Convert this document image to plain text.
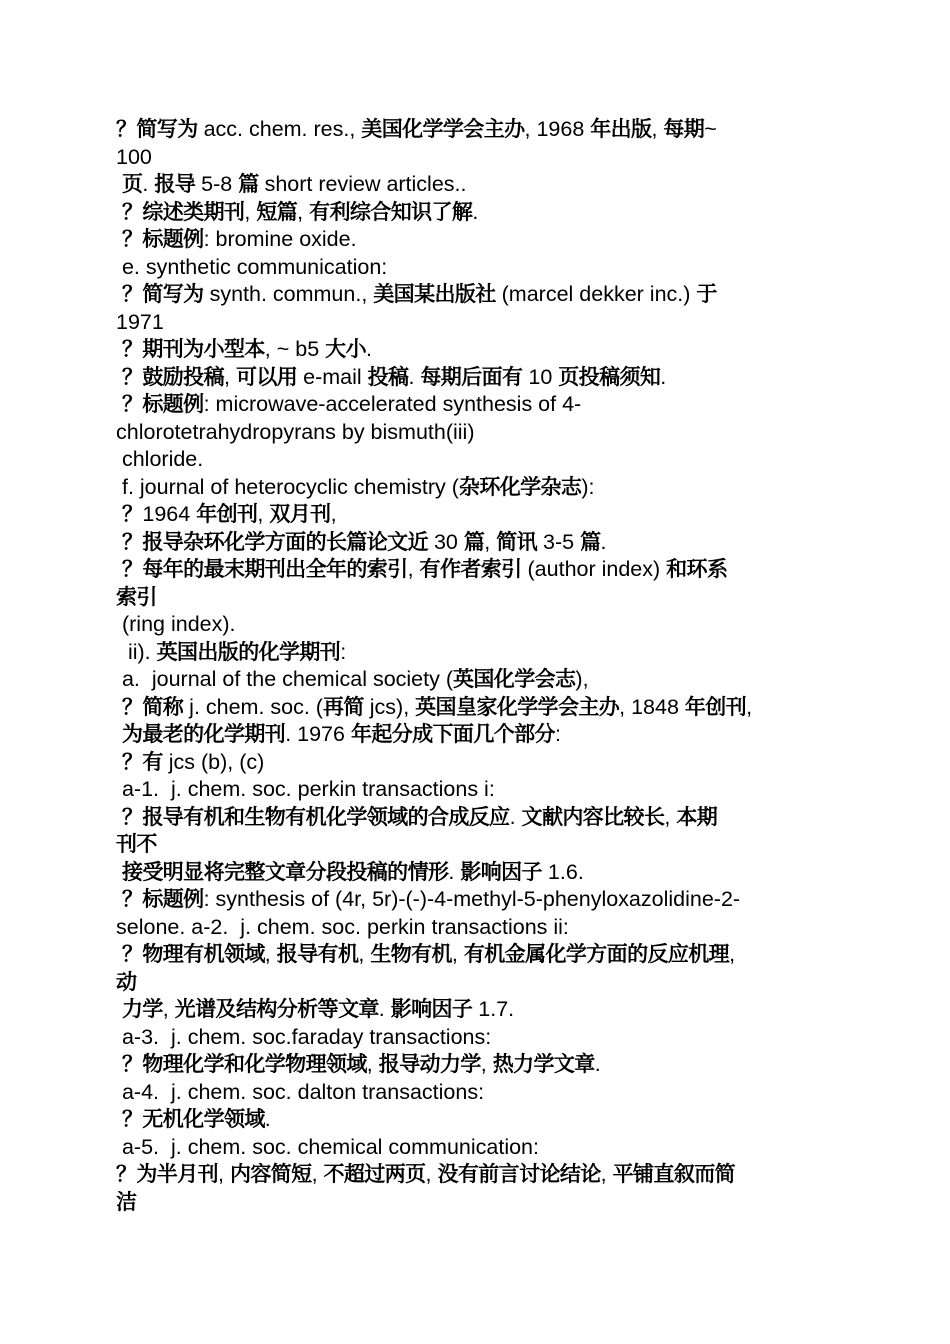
？简写为 acc. chem. res., 美国化学学会主办, 1968 年出版, 每期~
100
页. 报导 5-8 篇 short review articles..
？综述类期刊, 短篇, 有利综合知识了解.
？标题例: bromine oxide.
e. synthetic communication:
？简写为 synth. commun., 美国某出版社 (marcel dekker inc.) 于
1971
？期刊为小型本, ~ b5 大小.
？鼓励投稿, 可以用 e-mail 投稿. 每期后面有 10 页投稿须知.
？标题例: microwave-accelerated synthesis of 4-
chlorotetrahydropyrans by bismuth(iii)
chloride.
f. journal of heterocyclic chemistry (杂环化学杂志):
？1964 年创刊, 双月刊,
？报导杂环化学方面的长篇论文近 30 篇, 简讯 3-5 篇.
？每年的最末期刊出全年的索引, 有作者索引 (author index) 和环系
索引
(ring index).
ii). 英国出版的化学期刊:
a.  journal of the chemical society (英国化学会志),
？简称 j. chem. soc. (再简 jcs), 英国皇家化学学会主办, 1848 年创刊,
为最老的化学期刊. 1976 年起分成下面几个部分:
？有 jcs (b), (c)
a-1.  j. chem. soc. perkin transactions i:
？报导有机和生物有机化学领域的合成反应. 文献内容比较长, 本期
刊不
接受明显将完整文章分段投稿的情形. 影响因子 1.6.
？标题例: synthesis of (4r, 5r)-(-)-4-methyl-5-phenyloxazolidine-2-
selone. a-2.  j. chem. soc. perkin transactions ii:
？物理有机领域, 报导有机, 生物有机, 有机金属化学方面的反应机理,
动
力学, 光谱及结构分析等文章. 影响因子 1.7.
a-3.  j. chem. soc.faraday transactions:
？物理化学和化学物理领域, 报导动力学, 热力学文章.
a-4.  j. chem. soc. dalton transactions:
？无机化学领域.
a-5.  j. chem. soc. chemical communication:
？为半月刊, 内容简短, 不超过两页, 没有前言讨论结论, 平铺直叙而简
洁
